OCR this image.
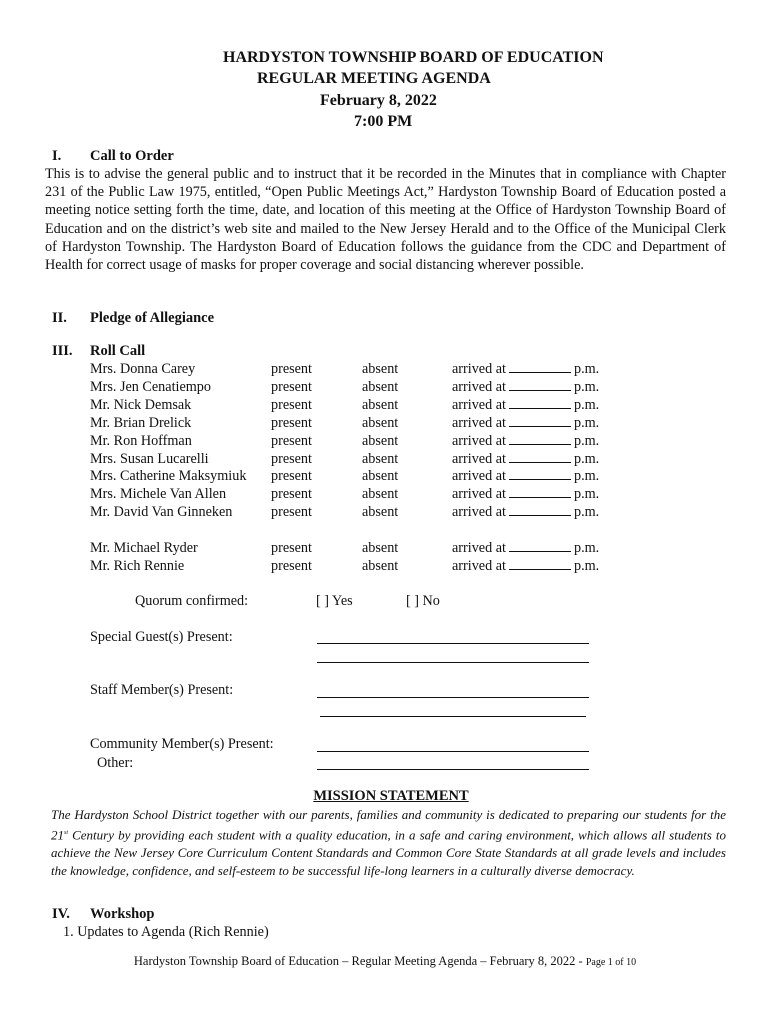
HARDYSTON TOWNSHIP BOARD OF EDUCATION
REGULAR MEETING AGENDA
February 8, 2022
7:00 PM
I. Call to Order
This is to advise the general public and to instruct that it be recorded in the Minutes that in compliance with Chapter 231 of the Public Law 1975, entitled, “Open Public Meetings Act,” Hardyston Township Board of Education posted a meeting notice setting forth the time, date, and location of this meeting at the Office of Hardyston Township Board of Education and on the district’s web site and mailed to the New Jersey Herald and to the Office of the Municipal Clerk of Hardyston Township. The Hardyston Board of Education follows the guidance from the CDC and Department of Health for correct usage of masks for proper coverage and social distancing wherever possible.
II. Pledge of Allegiance
III. Roll Call
Mrs. Donna Carey	present	absent	arrived at	p.m.
Mrs. Jen Cenatiempo	present	absent	arrived at	p.m.
Mr. Nick Demsak	present	absent	arrived at	p.m.
Mr. Brian Drelick	present	absent	arrived at	p.m.
Mr. Ron Hoffman	present	absent	arrived at	p.m.
Mrs. Susan Lucarelli	present	absent	arrived at	p.m.
Mrs. Catherine Maksymiuk present	absent	arrived at	p.m.
Mrs. Michele Van Allen	present	absent	arrived at	p.m.
Mr. David Van Ginneken	present	absent	arrived at	p.m.
Mr. Michael Ryder	present	absent	arrived at	p.m.
Mr. Rich Rennie	present	absent	arrived at	p.m.
Quorum confirmed:	[ ] Yes	[ ] No
Special Guest(s) Present:
Staff Member(s) Present:
Community Member(s) Present:
Other:
MISSION STATEMENT
The Hardyston School District together with our parents, families and community is dedicated to preparing our students for the 21st Century by providing each student with a quality education, in a safe and caring environment, which allows all students to achieve the New Jersey Core Curriculum Content Standards and Common Core State Standards at all grade levels and includes the knowledge, confidence, and self-esteem to be successful life-long learners in a culturally diverse democracy.
IV. Workshop
1. Updates to Agenda (Rich Rennie)
Hardyston Township Board of Education – Regular Meeting Agenda – February 8, 2022 - Page 1 of 10
